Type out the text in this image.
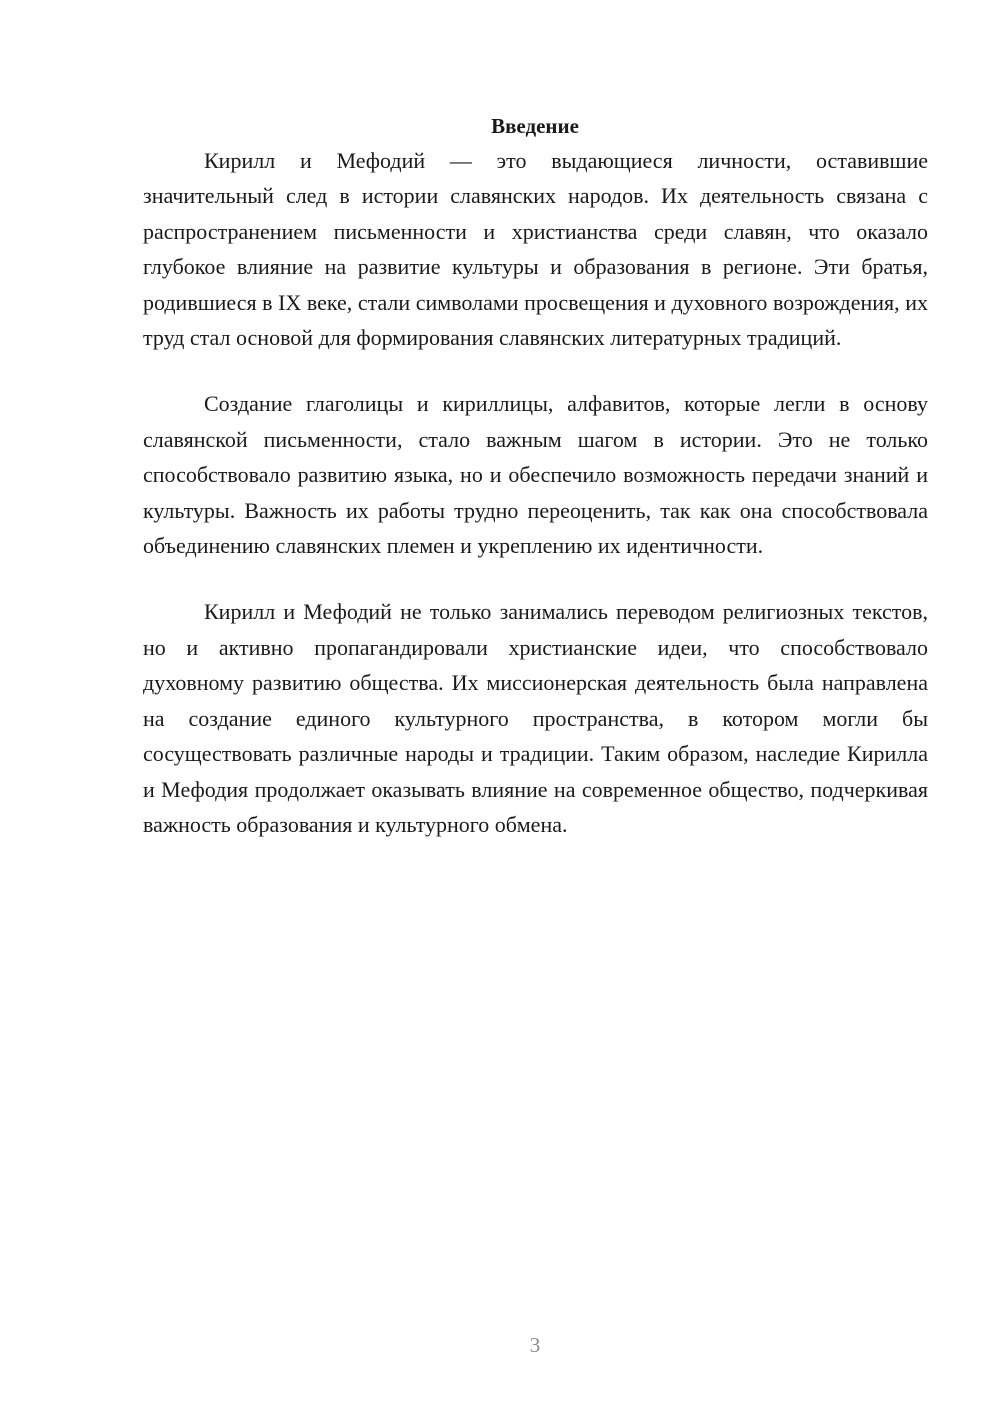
Введение

Кирилл и Мефодий — это выдающиеся личности, оставившие значительный след в истории славянских народов. Их деятельность связана с распространением письменности и христианства среди славян, что оказало глубокое влияние на развитие культуры и образования в регионе. Эти братья, родившиеся в IX веке, стали символами просвещения и духовного возрождения, их труд стал основой для формирования славянских литературных традиций.

Создание глаголицы и кириллицы, алфавитов, которые легли в основу славянской письменности, стало важным шагом в истории. Это не только способствовало развитию языка, но и обеспечило возможность передачи знаний и культуры. Важность их работы трудно переоценить, так как она способствовала объединению славянских племен и укреплению их идентичности.

Кирилл и Мефодий не только занимались переводом религиозных текстов, но и активно пропагандировали христианские идеи, что способствовало духовному развитию общества. Их миссионерская деятельность была направлена на создание единого культурного пространства, в котором могли бы сосуществовать различные народы и традиции. Таким образом, наследие Кирилла и Мефодия продолжает оказывать влияние на современное общество, подчеркивая важность образования и культурного обмена.

3
